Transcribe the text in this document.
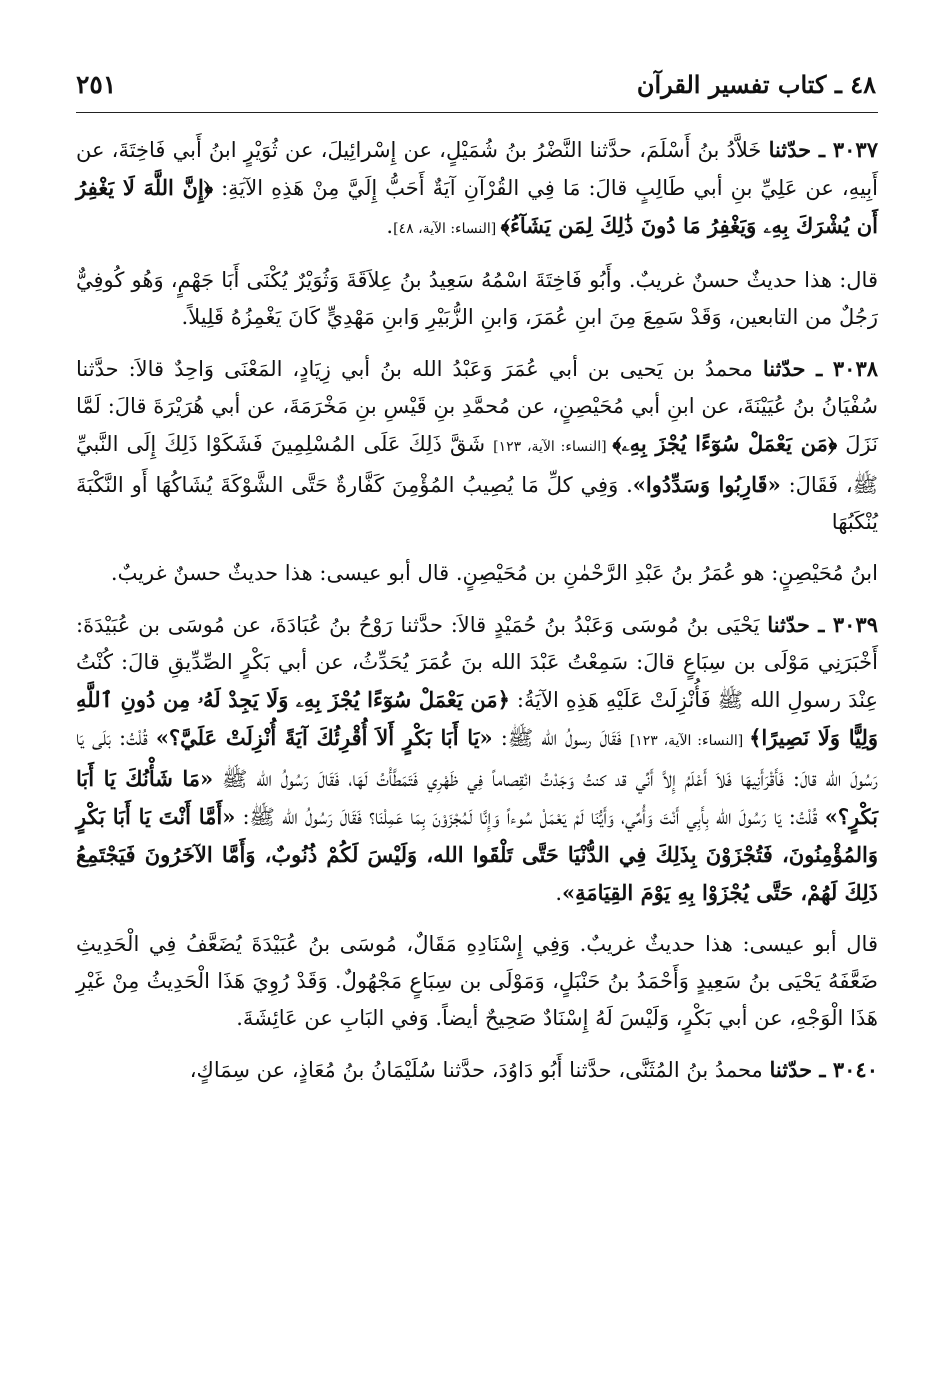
٤٨ ـ كتاب تفسير القرآن
٢٥١

٣٠٣٧ ـ حدّثنا خَلاَّدُ بنُ أَسْلَمَ، حدَّثنا النَّضْرُ بنُ شُمَيْلٍ، عن إِسْرائِيلَ، عن ثُوَيْرٍ ابنُ أَبي فَاخِتَةَ، عن أَبِيهِ، عن عَلِيِّ بنِ أبي طَالِبٍ قالَ: مَا فِي القُرْآنِ آيَةٌ أَحَبُّ إِلَيَّ مِنْ هَذِهِ الآيَةِ: ﴿إِنَّ اللَّهَ لَا يَغْفِرُ أَن يُشْرَكَ بِهِۦ وَيَغْفِرُ مَا دُونَ ذَٰلِكَ لِمَن يَشَآءُ﴾ [النساء: الآية، ٤٨].

قال: هذا حديثٌ حسنٌ غريبٌ. وأَبُو فَاخِتَةَ اسْمُهُ سَعِيدُ بنُ عِلاَقَةَ وَثُوَيْرٌ يُكْنَى أَبَا جَهْمٍ، وَهُو كُوفِيٌّ رَجُلٌ من التابعين، وَقَدْ سَمِعَ مِنَ ابنِ عُمَرَ، وَابنِ الزُّبَيْرِ وَابنِ مَهْدِيٍّ كَانَ يَغْمِزُهُ قَلِيلاً.

٣٠٣٨ ـ حدّثنا محمدُ بن يَحيى بن أبي عُمَرَ وَعَبْدُ الله بنُ أبي زِيَادٍ، المَعْنَى وَاحِدٌ قالاَ: حدَّثنا سُفْيَانُ بنُ عُيَيْنَةَ، عن ابنِ أبي مُحَيْصِنٍ، عن مُحمَّدِ بنِ قَيْسِ بنِ مَخْرَمَةَ، عن أبي هُرَيْرَةَ قالَ: لَمَّا نَزَلَ ﴿مَن يَعْمَلْ سُوٓءًا يُجْزَ بِهِۦ﴾ [النساء: الآية، ١٢٣] شَقَّ ذَلِكَ عَلَى المُسْلِمِينَ فَشَكَوْا ذَلِكَ إِلَى النَّبيِّ ﷺ، فَقَالَ: «قَارِبُوا وَسَدِّدُوا». وَفِي كلِّ مَا يُصِيبُ المُؤْمِنَ كَفَّارةٌ حَتَّى الشَّوْكَةَ يُشَاكُهَا أَو النَّكْبَةَ يُنْكَبُهَا

ابنُ مُحَيْصِنٍ: هو عُمَرُ بنُ عَبْدِ الرَّحْمٰنِ بن مُحَيْصِنٍ. قال أبو عيسى: هذا حديثٌ حسنٌ غريبٌ.

٣٠٣٩ ـ حدّثنا يَحْيَى بنُ مُوسَى وَعَبْدُ بنُ حُمَيْدٍ قالاَ: حدَّثنا رَوْحُ بنُ عُبَادَةَ، عن مُوسَى بن عُبَيْدَةَ: أَخْبَرَنِي مَوْلَى بن سِبَاعٍ قالَ: سَمِعْتُ عَبْدَ الله بنَ عُمَرَ يُحَدِّثُ، عن أبي بَكْرٍ الصِّدِّيقِ قالَ: كُنْتُ عِنْدَ رسولِ الله ﷺ فَأُنْزِلَتْ عَلَيْهِ هَذِهِ الآيَةُ: ﴿مَن يَعْمَلْ سُوٓءًا يُجْزَ بِهِۦ وَلَا يَجِدْ لَهُۥ مِن دُونِ ٱللَّهِ وَلِيًّا وَلَا نَصِيرًا﴾ [النساء: الآية، ١٢٣] فَقَالَ رسولُ الله ﷺ: «يَا أَبَا بَكْرٍ أَلاَ أُقْرِئُكَ آيَةً أُنْزِلَتْ عَلَيَّ؟» قُلْتُ: بَلَى يَا رَسُولَ الله قالَ: فَأَقْرَأَنِيهَا فَلاَ أَعْلَمُ إِلاَّ أَنِّي قد كنتُ وَجَدْتُ انْقِصاماً فِي ظَهْرِي فَتَمَطَّأْتُ لَهَا، فَقَالَ رَسُولُ الله ﷺ «مَا شَأْنُكَ يَا أَبَا بَكْرٍ؟» قُلْتُ: يَا رَسُولَ الله بِأَبِي أَنْتَ وَأُمِّي، وَأَيُّنَا لَمْ يَعْمَلْ سُوءاً وَإِنَّا لَمُجْزَوْنَ بِمَا عَمِلْنَا؟ فَقَالَ رَسُولُ الله ﷺ: «أَمَّا أَنْتَ يَا أَبَا بَكْرٍ وَالمُؤْمِنُونَ، فَتُجْزَوْنَ بِذَلِكَ فِي الدُّنْيَا حَتَّى تَلْقَوا الله، وَلَيْسَ لَكُمْ ذُنُوبٌ، وَأَمَّا الآخَرُونَ فَيَجْتَمِعُ ذَلِكَ لَهُمْ، حَتَّى يُجْزَوْا بِهِ يَوْمَ القِيَامَةِ».

قال أبو عيسى: هذا حديثٌ غريبٌ. وَفِي إِسْنَادِهِ مَقَالٌ، مُوسَى بنُ عُبَيْدَةَ يُضَعَّفُ فِي الْحَدِيثِ ضَعَّفَهُ يَحْيَى بنُ سَعِيدٍ وَأَحْمَدُ بنُ حَنْبَلٍ، وَمَوْلَى بن سِبَاعٍ مَجْهُولٌ. وَقَدْ رُوِيَ هَذَا الْحَدِيثُ مِنْ غَيْرِ هَذَا الْوَجْهِ، عن أبي بَكْرٍ، وَلَيْسَ لَهُ إِسْنَادٌ صَحِيحٌ أيضاً. وَفي البَابِ عن عَائِشَةَ.

٣٠٤٠ ـ حدّثنا محمدُ بنُ المُثَنَّى، حدَّثنا أَبُو دَاوُدَ، حدَّثنا سُلَيْمَانُ بنُ مُعَاذٍ، عن سِمَاكٍ،
